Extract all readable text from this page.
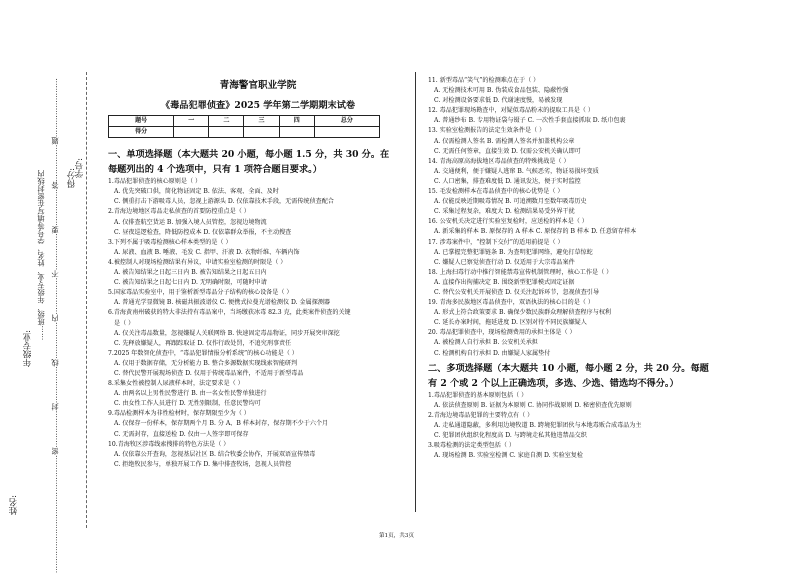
姓名:
学号:
得分:
…………………………………………密……………封……………线……………内……………不……………要……………答……………题……………………
……班级、年级专业、姓名、学号等填写在密封线内
年级专业:
青海警官职业学院
《毒品犯罪侦查》2025 学年第二学期期末试卷
题号	一	二	三	四	总分
得分					
一、单项选择题（本大题共 20 小题，每小题 1.5 分，共 30 分。在
每题列出的 4 个选项中，只有 1 项符合题目要求。）
1.毒品犯罪侦查的核心原则是（ ）
A. 优先突破口供，简化物证固定 B. 依法、客观、全面、及时
C. 侧重打击下游吸毒人员，忽视上游源头 D. 仅依靠技术手段，无需传统侦查配合
2.青海边境地区毒品走私侦查的首要防控重点是（ ）
A. 仅排查航空货运 B. 加强入境人员管控，忽视边境物流
C. 昼夜巡逻检查，降低防控成本 D. 仅依靠群众举报，不主动搜查
3.下列不属于吸毒检测核心样本类型的是（ ）
A. 尿液、血液 B. 唾液、毛发 C. 指甲、汗液 D. 衣物纤维、车辆内饰
4.被控制人对现场检测结果有异议，申请实验室检测的时限是（ ）
A. 被告知结果之日起三日内 B. 被告知结果之日起五日内
C. 被告知结果之日起七日内 D. 无明确时限，可随时申请
5.国家毒品实验室中，用于鉴析新型毒品分子结构的核心设备是（ ）
A. 普通光学显微镜 B. 核磁共振波谱仪 C. 便携式拉曼光谱检测仪 D. 金属探测器
6.青海黄南州破获的特大非法持有毒品案中，当场缴获冰毒 82.3 克，此类案件侦查的关键
是（ ）
A. 仅关注毒品数量，忽视嫌疑人关联网络 B. 快速固定毒品物证，同步开展突审深挖
C. 先释放嫌疑人，再跟踪取证 D. 仅作行政处罚，不追究刑事责任
7.2025 年数智化侦查中，“毒品犯罪情报分析系统”的核心功能是（ ）
A. 仅用于数据存储，无分析能力 B. 整合多源数据实现线索智能研判
C. 替代民警开展现场侦查 D. 仅用于传统毒品案件，不适用于新型毒品
8.采集女性被控制人尿液样本时，法定要求是（ ）
A. 由两名以上男性民警进行 B. 由一名女性民警单独进行
C. 由女性工作人员进行 D. 无性别限制，任意民警均可
9.毒品检测样本为非性检材时，保存期限至少为（ ）
A. 仅保存一份样本，保存期两个月 B. 分 A、B 样本封存，保存期不少于六个月
C. 无需封存，直接送检 D. 仅由一人签字即可保存
10.青海牧区涉毒线索搜排的特色方法是（ ）
A. 仅依靠公开查询，忽视基层社区 B. 结合牧委会协作，开展双语宣传禁毒
C. 拒绝牧民参与，单独开展工作 D. 集中排查牧场，忽视人员管控
11. 新型毒品“笑气”的检测难点在于（ ）
A. 无检测技术可用 B. 伪装成食品包装、隐蔽性强
C. 对检测设备要求低 D. 代谢速度慢，易被发现
12. 毒品犯罪现场勘查中，对疑似毒品粉末的提取工具是（ ）
A. 普通纱布 B. 专用物证袋与镊子 C. 一次性手套直接抓取 D. 纸巾包裹
13. 实验室检测报告的法定生效条件是（ ）
A. 仅需检测人签名 B. 需检测人签名并加盖机构公章
C. 无需任何签章，直接生效 D. 仅需公安机关确认即可
14. 青海高原高海拔地区毒品侦查的特殊挑战是（ ）
A. 交通便利，便于嫌疑人逃窜 B. 气候恶劣，物证易损坏变质
C. 人口密集，排查难度低 D. 通讯发达，便于实时监控
15. 毛发检测样本在毒品侦查中的核心优势是（ ）
A. 仅能反映近期吸毒情况 B. 可追溯数月至数年吸毒历史
C. 采集过程复杂，难度大 D. 检测结果易受外界干扰
16. 公安机关决定进行实验室复检时，应送检的样本是（ ）
A. 新采集的样本 B. 原保存的 A 样本 C. 原保存的 B 样本 D. 任意留存样本
17. 涉毒案件中，“控制下交付”的适用前提是（ ）
A. 已掌握完整犯罪链条 B. 为查明犯罪网络，避免打草惊蛇
C. 嫌疑人已察觉侦查行动 D. 仅适用于大宗毒品案件
18. 上海扫毒行动中推行智能禁毒宣传机制管理时，核心工作是（ ）
A. 直接作出拘捕决定 B. 围绕新型犯罪模式固定证据
C. 替代公安机关开展侦查 D. 仅关注起诉环节，忽视侦查引导
19. 青海多民族地区毒品侦查中，双语执法的核心目的是（ ）
A. 形式上符合政策要求 B. 确保少数民族群众理解侦查程序与权利
C. 延长办案时间，拖延进度 D. 区别对待不同民族嫌疑人
20. 毒品犯罪侦查中，现场检测费用的承担主体是（ ）
A. 被检测人自行承担 B. 公安机关承担
C. 检测机构自行承担 D. 由嫌疑人家属垫付
二、多项选择题（本大题共 10 小题，每小题 2 分，共 20 分。每题
有 2 个或 2 个以上正确选项，多选、少选、错选均不得分。）
1.毒品犯罪侦查的基本原则包括（ ）
A. 依法侦查原则 B. 证据为本原则 C. 协同作战原则 D. 秘密侦查优先原则
2.青海边境毒品犯罪的主要特点有（ ）
A. 走私通道隐蔽，多利用边境牧道 B. 跨境犯罪团伙与本地毒贩合成毒品为主
C. 犯罪团伙组织化程度高 D. 与跨境走私其他违禁品交织
3.吸毒检测的法定类型包括（ ）
A. 现场检测 B. 实验室检测 C. 家庭自测 D. 实验室复检
第1页，共3页
